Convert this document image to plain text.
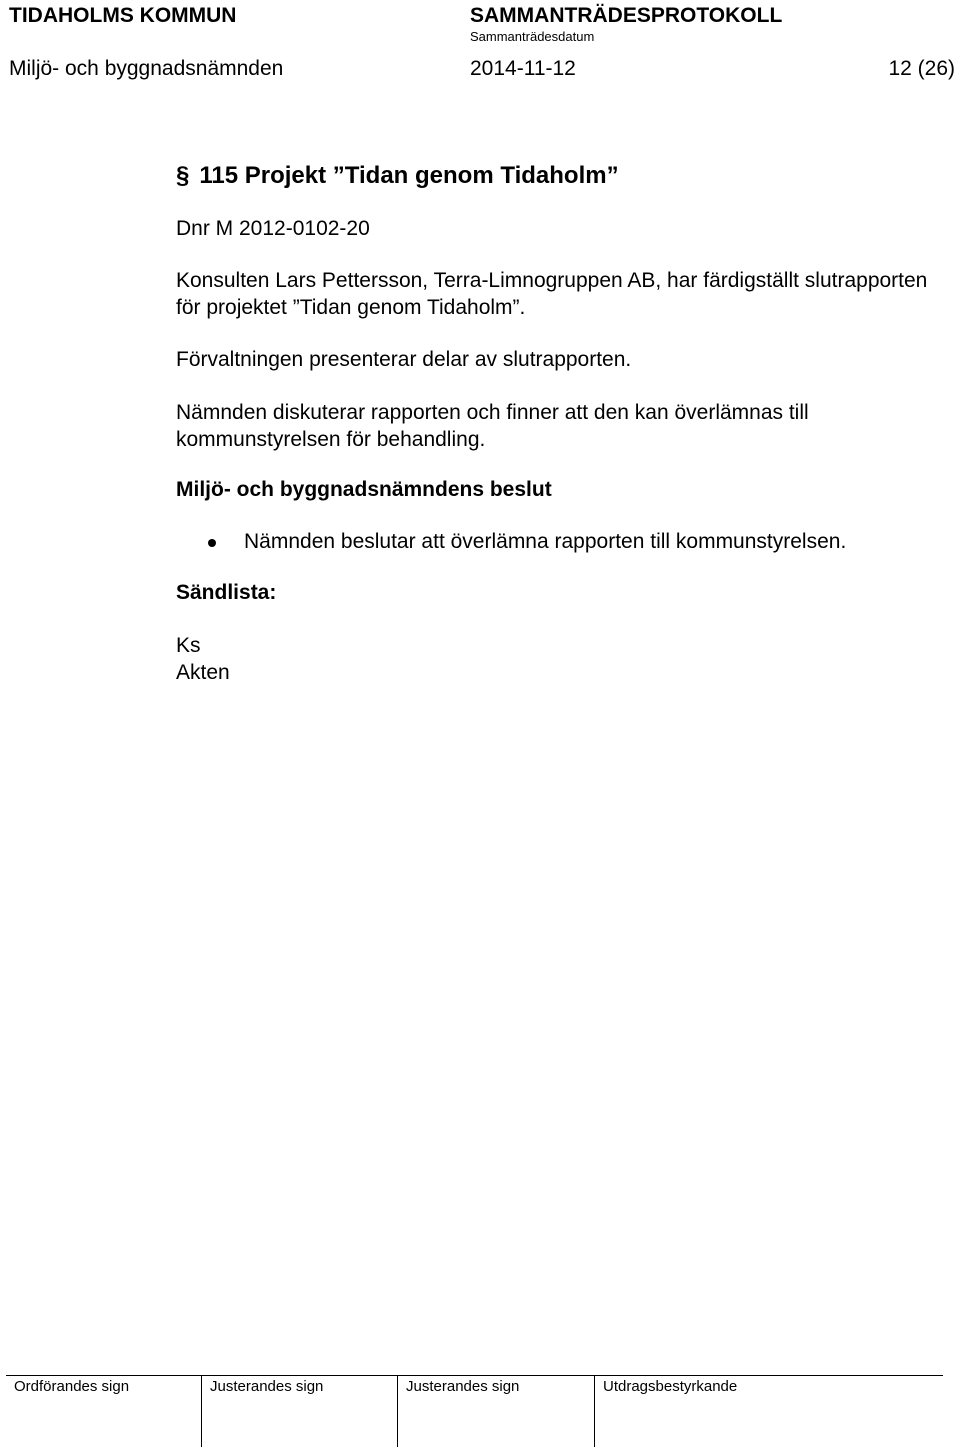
TIDAHOLMS KOMMUN	SAMMANTRÄDESPROTOKOLL
Sammanträdesdatum
Miljö- och byggnadsnämnden	2014-11-12	12 (26)
§ 115 Projekt ”Tidan genom Tidaholm”
Dnr M 2012-0102-20
Konsulten Lars Pettersson, Terra-Limnogruppen AB, har färdigställt slutrapporten för projektet ”Tidan genom Tidaholm”.
Förvaltningen presenterar delar av slutrapporten.
Nämnden diskuterar rapporten och finner att den kan överlämnas till kommunstyrelsen för behandling.
Miljö- och byggnadsnämndens beslut
Nämnden beslutar att överlämna rapporten till kommunstyrelsen.
Sändlista:
Ks
Akten
Ordförandes sign	Justerandes sign	Justerandes sign	Utdragsbestyrkande
